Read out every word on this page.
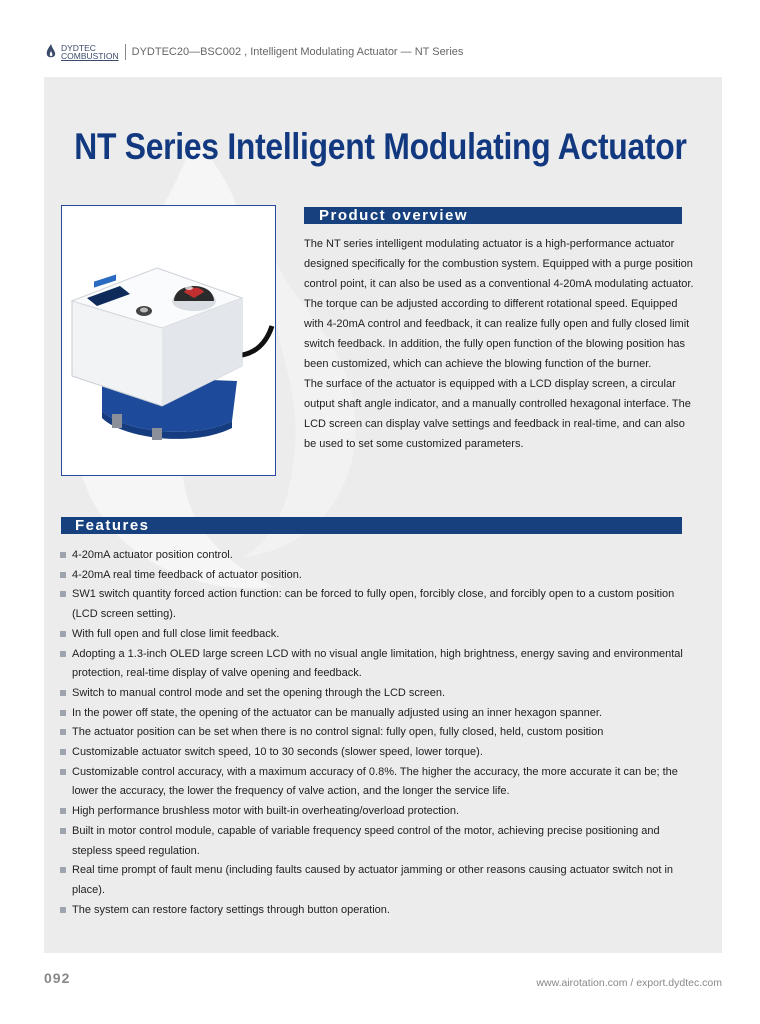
DYDTEC
COMBUSTION DYDTEC20—BSC002 , Intelligent Modulating Actuator — NT Series
NT Series Intelligent Modulating Actuator
Product overview

The NT series intelligent modulating actuator is a high-performance actuator designed specifically for the combustion system. Equipped with a purge position control point, it can also be used as a conventional 4-20mA modulating actuator. The torque can be adjusted according to different rotational speed. Equipped with 4-20mA control and feedback, it can realize fully open and fully closed limit switch feedback. In addition, the fully open function of the blowing position has been customized, which can achieve the blowing function of the burner.

The surface of the actuator is equipped with a LCD display screen, a circular output shaft angle indicator, and a manually controlled hexagonal interface. The LCD screen can display valve settings and feedback in real-time, and can also be used to set some customized parameters.

Features
4-20mA actuator position control.
4-20mA real time feedback of actuator position.
SW1 switch quantity forced action function: can be forced to fully open, forcibly close, and forcibly open to a custom position (LCD screen setting).
With full open and full close limit feedback.
Adopting a 1.3-inch OLED large screen LCD with no visual angle limitation, high brightness, energy saving and environmental protection, real-time display of valve opening and feedback.
Switch to manual control mode and set the opening through the LCD screen.
In the power off state, the opening of the actuator can be manually adjusted using an inner hexagon spanner.
The actuator position can be set when there is no control signal: fully open, fully closed, held, custom position
Customizable actuator switch speed, 10 to 30 seconds (slower speed, lower torque).
Customizable control accuracy, with a maximum accuracy of 0.8%. The higher the accuracy, the more accurate it can be; the lower the accuracy, the lower the frequency of valve action, and the longer the service life.
High performance brushless motor with built-in overheating/overload protection.
Built in motor control module, capable of variable frequency speed control of the motor, achieving precise positioning and stepless speed regulation.
Real time prompt of fault menu (including faults caused by actuator jamming or other reasons causing actuator switch not in place).
The system can restore factory settings through button operation.
092	www.airotation.com / export.dydtec.com
